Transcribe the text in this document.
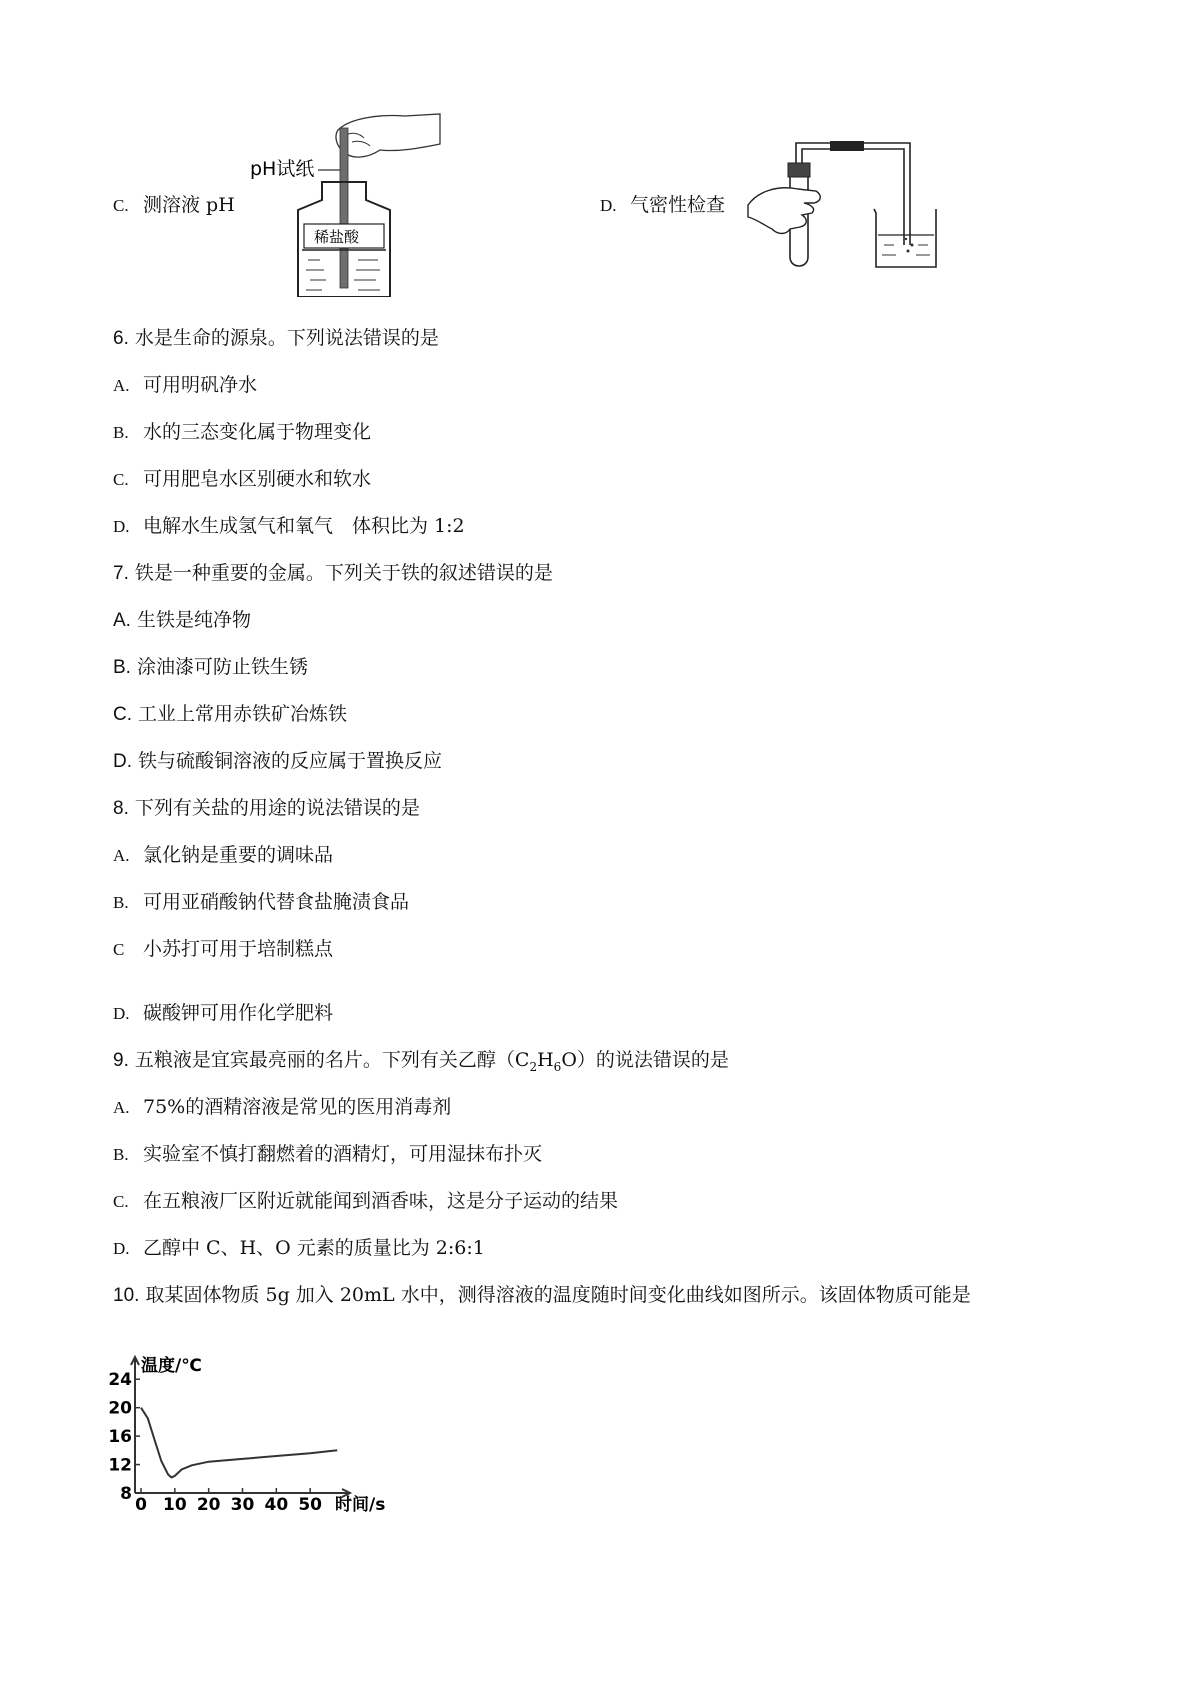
C. 测溶液 pH
pH试纸
稀盐酸
D. 气密性检查
6. 水是生命的源泉。下列说法错误的是
A. 可用明矾净水
B. 水的三态变化属于物理变化
C. 可用肥皂水区别硬水和软水
D. 电解水生成氢气和氧气　体积比为 1:2
7. 铁是一种重要的金属。下列关于铁的叙述错误的是
A. 生铁是纯净物
B. 涂油漆可防止铁生锈
C. 工业上常用赤铁矿冶炼铁
D. 铁与硫酸铜溶液的反应属于置换反应
8. 下列有关盐的用途的说法错误的是
A. 氯化钠是重要的调味品
B. 可用亚硝酸钠代替食盐腌渍食品
C 小苏打可用于培制糕点
D. 碳酸钾可用作化学肥料
9. 五粮液是宜宾最亮丽的名片。下列有关乙醇$(C_2H_6O)$的说法错误的是
A. 75%的酒精溶液是常见的医用消毒剂
B. 实验室不慎打翻燃着的酒精灯，可用湿抹布扑灭
C. 在五粮液厂区附近就能闻到酒香味，这是分子运动的结果
D. 乙醇中 C、H、O 元素的质量比为 2:6:1
10. 取某固体物质 5g 加入 20mL 水中，测得溶液的温度随时间变化曲线如图所示。该固体物质可能是
0 10 20 30 40 50
8
12
16
20
24
温度/℃
时间/s
